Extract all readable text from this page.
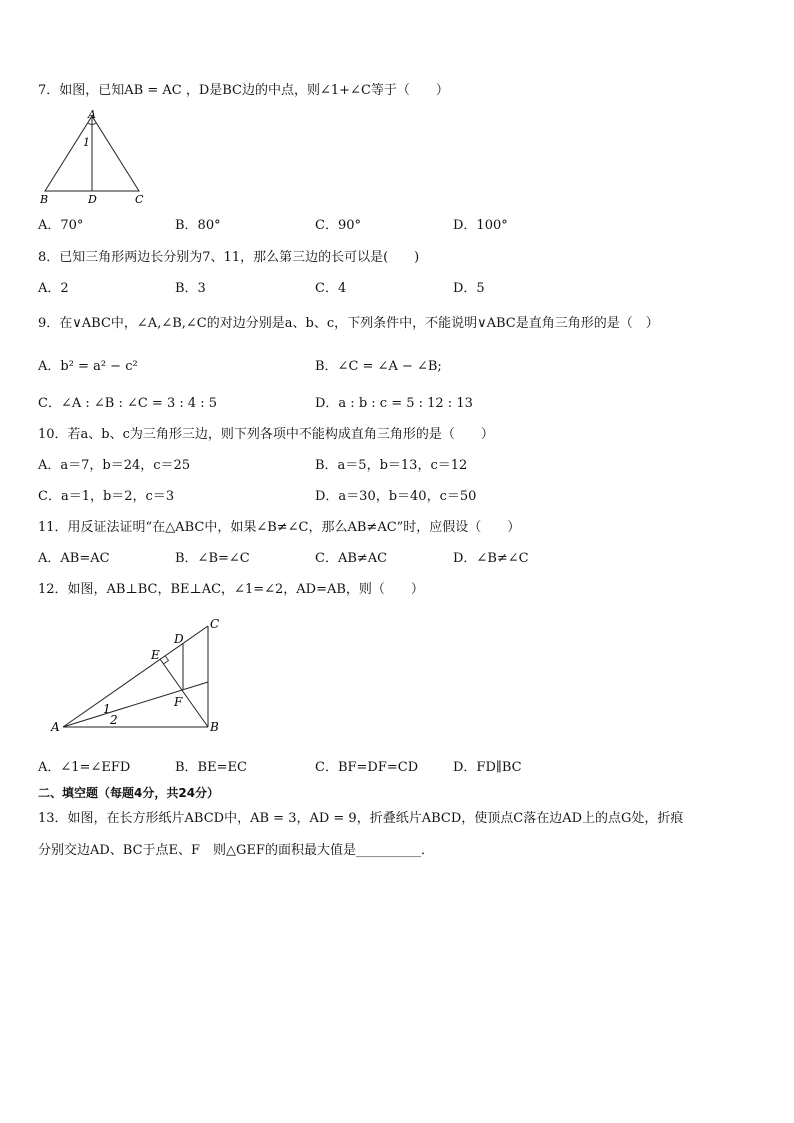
7．如图，已知AB = AC ，D是BC边的中点，则∠1+∠C等于（　　）
A
1
B	D	C
A．70°	B．80°	C．90°	D．100°
8．已知三角形两边长分别为7、11，那么第三边的长可以是(　　)
A．2	B．3	C．4	D．5
9．在∨ABC中，∠A,∠B,∠C的对边分别是a、b、c，下列条件中，不能说明∨ABC是直角三角形的是（　）
A．b² = a² − c²	B．∠C = ∠A − ∠B;
C．∠A : ∠B : ∠C = 3 : 4 : 5	D．a : b : c = 5 : 12 : 13
10．若a、b、c为三角形三边，则下列各项中不能构成直角三角形的是（　　）
A．a＝7，b＝24，c＝25	B．a＝5，b＝13，c＝12
C．a＝1，b＝2，c＝3	D．a＝30，b＝40，c＝50
11．用反证法证明“在△ABC中，如果∠B≠∠C，那么AB≠AC”时，应假设（　　）
A．AB=AC	B．∠B=∠C	C．AB≠AC	D．∠B≠∠C
12．如图，AB⊥BC，BE⊥AC，∠1=∠2，AD=AB，则（　　）
C
D
E
F
1
2
A	B
A．∠1=∠EFD	B．BE=EC	C．BF=DF=CD	D．FD∥BC
二、填空题（每题4分，共24分）
13．如图，在长方形纸片ABCD中，AB = 3，AD = 9，折叠纸片ABCD，使顶点C落在边AD上的点G处，折痕
分别交边AD、BC于点E、F　则△GEF的面积最大值是__________．
